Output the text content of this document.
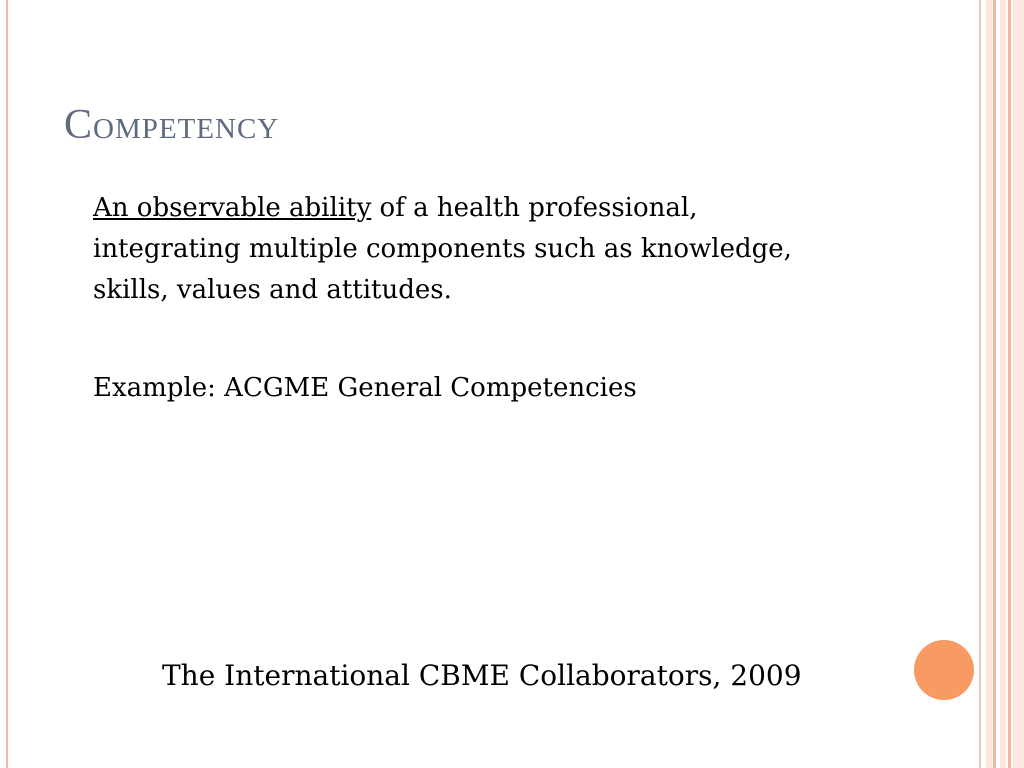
Competency

An observable ability of a health professional, integrating multiple components such as knowledge, skills, values and attitudes.

Example: ACGME General Competencies

The International CBME Collaborators, 2009
